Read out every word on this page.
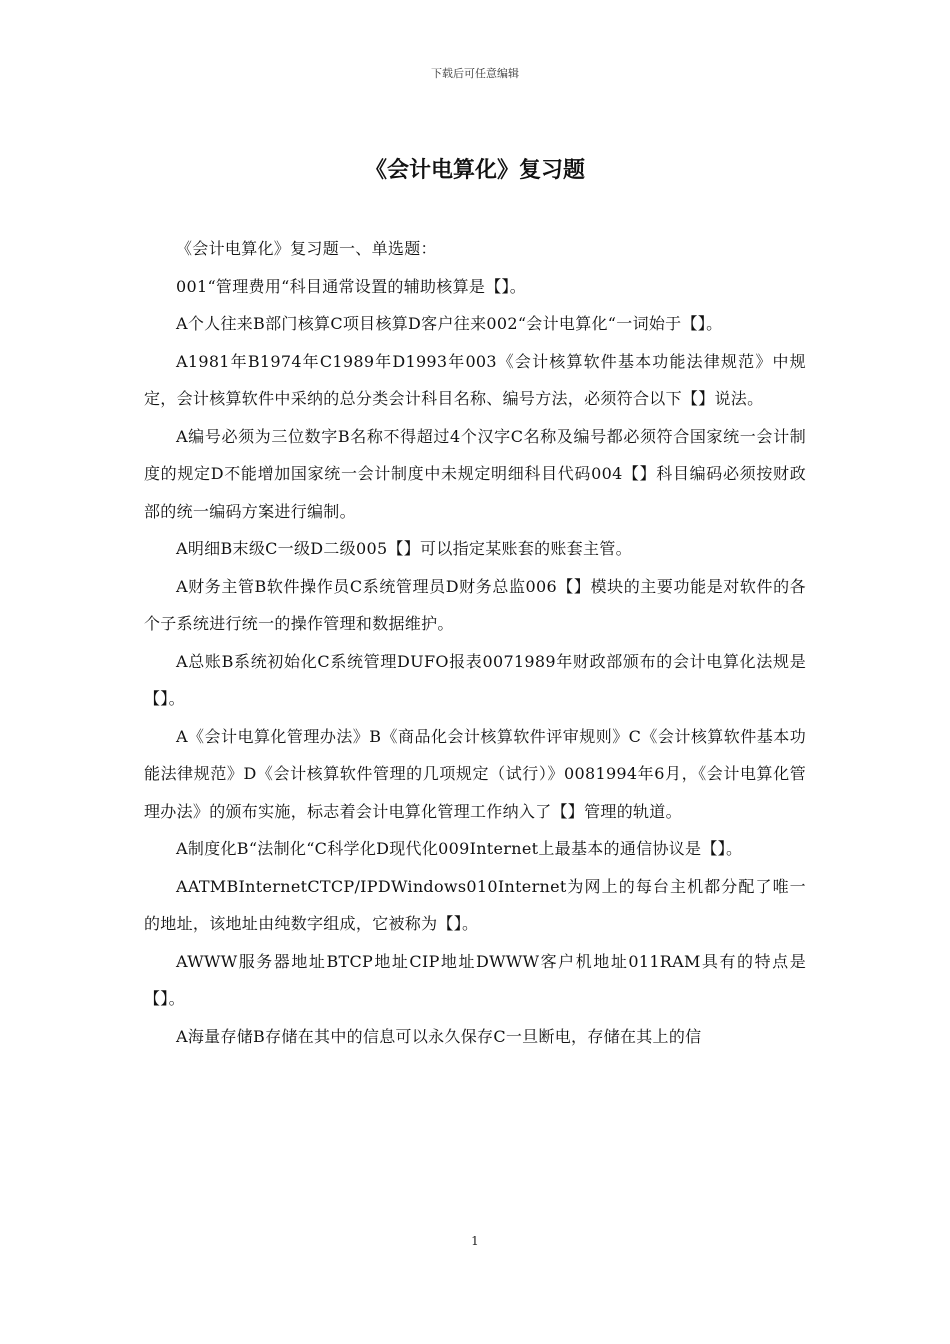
下载后可任意编辑
《会计电算化》复习题

《会计电算化》复习题一、单选题：

001“管理费用“科目通常设置的辅助核算是【】。

A个人往来B部门核算C项目核算D客户往来002“会计电算化“一词始于【】。

A1981年B1974年C1989年D1993年003《会计核算软件基本功能法律规范》中规定，会计核算软件中采纳的总分类会计科目名称、编号方法，必须符合以下【】说法。

A编号必须为三位数字B名称不得超过4个汉字C名称及编号都必须符合国家统一会计制度的规定D不能增加国家统一会计制度中未规定明细科目代码004【】科目编码必须按财政部的统一编码方案进行编制。

A明细B末级C一级D二级005【】可以指定某账套的账套主管。

A财务主管B软件操作员C系统管理员D财务总监006【】模块的主要功能是对软件的各个子系统进行统一的操作管理和数据维护。

A总账B系统初始化C系统管理DUFO报表0071989年财政部颁布的会计电算化法规是【】。

A《会计电算化管理办法》B《商品化会计核算软件评审规则》C《会计核算软件基本功能法律规范》D《会计核算软件管理的几项规定（试行）》0081994年6月，《会计电算化管理办法》的颁布实施，标志着会计电算化管理工作纳入了【】管理的轨道。

A制度化B“法制化“C科学化D现代化009Internet上最基本的通信协议是【】。

AATMBInternetCTCP/IPDWindows010Internet为网上的每台主机都分配了唯一的地址，该地址由纯数字组成，它被称为【】。

AWWW服务器地址BTCP地址CIP地址DWWW客户机地址011RAM具有的特点是【】。

A海量存储B存储在其中的信息可以永久保存C一旦断电，存储在其上的信

1
